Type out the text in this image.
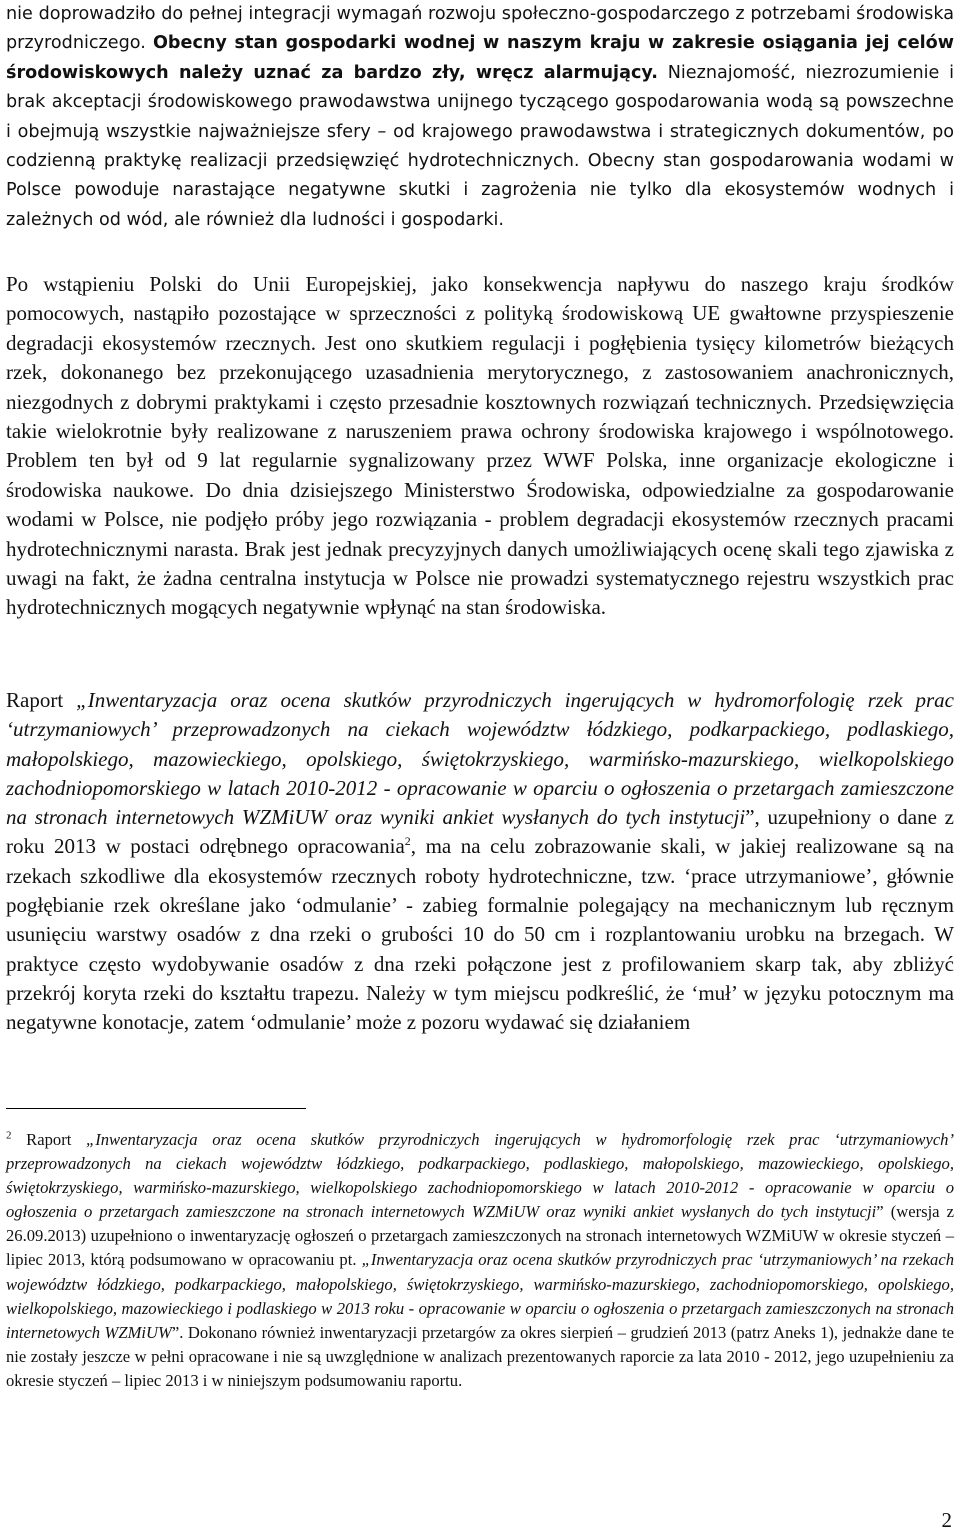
nie doprowadziło do pełnej integracji wymagań rozwoju społeczno-gospodarczego z potrzebami środowiska przyrodniczego. Obecny stan gospodarki wodnej w naszym kraju w zakresie osiągania jej celów środowiskowych należy uznać za bardzo zły, wręcz alarmujący. Nieznajomość, niezrozumienie i brak akceptacji środowiskowego prawodawstwa unijnego tyczącego gospodarowania wodą są powszechne i obejmują wszystkie najważniejsze sfery – od krajowego prawodawstwa i strategicznych dokumentów, po codzienną praktykę realizacji przedsięwzięć hydrotechnicznych. Obecny stan gospodarowania wodami w Polsce powoduje narastające negatywne skutki i zagrożenia nie tylko dla ekosystemów wodnych i zależnych od wód, ale również dla ludności i gospodarki.

Po wstąpieniu Polski do Unii Europejskiej, jako konsekwencja napływu do naszego kraju środków pomocowych, nastąpiło pozostające w sprzeczności z polityką środowiskową UE gwałtowne przyspieszenie degradacji ekosystemów rzecznych. Jest ono skutkiem regulacji i pogłębienia tysięcy kilometrów bieżących rzek, dokonanego bez przekonującego uzasadnienia merytorycznego, z zastosowaniem anachronicznych, niezgodnych z dobrymi praktykami i często przesadnie kosztownych rozwiązań technicznych. Przedsięwzięcia takie wielokrotnie były realizowane z naruszeniem prawa ochrony środowiska krajowego i wspólnotowego. Problem ten był od 9 lat regularnie sygnalizowany przez WWF Polska, inne organizacje ekologiczne i środowiska naukowe. Do dnia dzisiejszego Ministerstwo Środowiska, odpowiedzialne za gospodarowanie wodami w Polsce, nie podjęło próby jego rozwiązania - problem degradacji ekosystemów rzecznych pracami hydrotechnicznymi narasta. Brak jest jednak precyzyjnych danych umożliwiających ocenę skali tego zjawiska z uwagi na fakt, że żadna centralna instytucja w Polsce nie prowadzi systematycznego rejestru wszystkich prac hydrotechnicznych mogących negatywnie wpłynąć na stan środowiska.

Raport „Inwentaryzacja oraz ocena skutków przyrodniczych ingerujących w hydromorfologię rzek prac ‘utrzymaniowych’ przeprowadzonych na ciekach województw łódzkiego, podkarpackiego, podlaskiego, małopolskiego, mazowieckiego, opolskiego, świętokrzyskiego, warmińsko-mazurskiego, wielkopolskiego zachodniopomorskiego w latach 2010-2012 - opracowanie w oparciu o ogłoszenia o przetargach zamieszczone na stronach internetowych WZMiUW oraz wyniki ankiet wysłanych do tych instytucji”, uzupełniony o dane z roku 2013 w postaci odrębnego opracowania$^2$, ma na celu zobrazowanie skali, w jakiej realizowane są na rzekach szkodliwe dla ekosystemów rzecznych roboty hydrotechniczne, tzw. ‘prace utrzymaniowe’, głównie pogłębianie rzek określane jako ‘odmulanie’ - zabieg formalnie polegający na mechanicznym lub ręcznym usunięciu warstwy osadów z dna rzeki o grubości 10 do 50 cm i rozplantowaniu urobku na brzegach. W praktyce często wydobywanie osadów z dna rzeki połączone jest z profilowaniem skarp tak, aby zbliżyć przekrój koryta rzeki do kształtu trapezu. Należy w tym miejscu podkreślić, że ‘muł’ w języku potocznym ma negatywne konotacje, zatem ‘odmulanie’ może z pozoru wydawać się działaniem

$^2$ Raport „Inwentaryzacja oraz ocena skutków przyrodniczych ingerujących w hydromorfologię rzek prac ‘utrzymaniowych’ przeprowadzonych na ciekach województw łódzkiego, podkarpackiego, podlaskiego, małopolskiego, mazowieckiego, opolskiego, świętokrzyskiego, warmińsko-mazurskiego, wielkopolskiego zachodniopomorskiego w latach 2010-2012 - opracowanie w oparciu o ogłoszenia o przetargach zamieszczone na stronach internetowych WZMiUW oraz wyniki ankiet wysłanych do tych instytucji” (wersja z 26.09.2013) uzupełniono o inwentaryzację ogłoszeń o przetargach zamieszczonych na stronach internetowych WZMiUW w okresie styczeń – lipiec 2013, którą podsumowano w opracowaniu pt. „Inwentaryzacja oraz ocena skutków przyrodniczych prac ‘utrzymaniowych’ na rzekach województw łódzkiego, podkarpackiego, małopolskiego, świętokrzyskiego, warmińsko-mazurskiego, zachodniopomorskiego, opolskiego, wielkopolskiego, mazowieckiego i podlaskiego w 2013 roku - opracowanie w oparciu o ogłoszenia o przetargach zamieszczonych na stronach internetowych WZMiUW”. Dokonano również inwentaryzacji przetargów za okres sierpień – grudzień 2013 (patrz Aneks 1), jednakże dane te nie zostały jeszcze w pełni opracowane i nie są uwzględnione w analizach prezentowanych raporcie za lata 2010 - 2012, jego uzupełnieniu za okresie styczeń – lipiec 2013 i w niniejszym podsumowaniu raportu.

2
